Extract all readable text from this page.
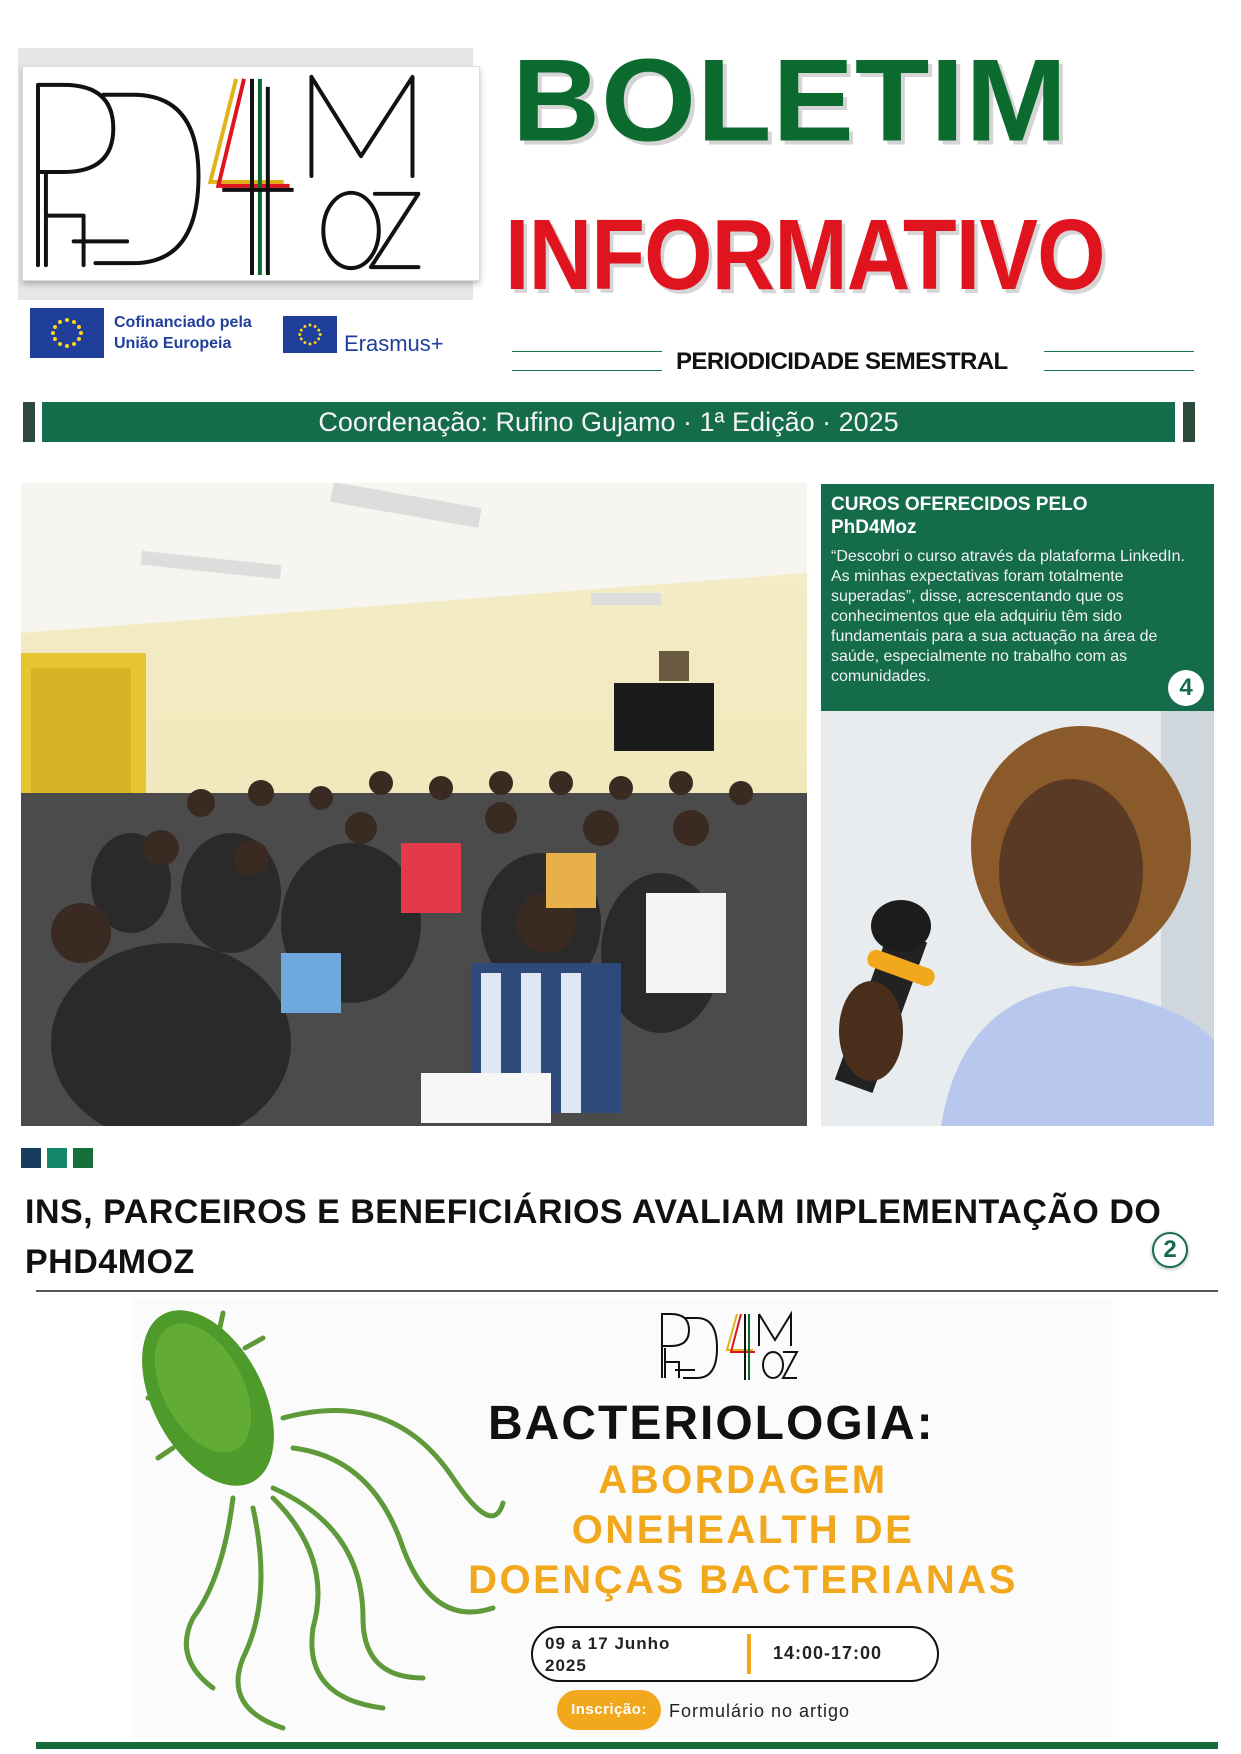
Cofinanciado pela
União Europeia	Erasmus+
BOLETIM
INFORMATIVO
PERIODICIDADE SEMESTRAL
Coordenação: Rufino Gujamo · 1ª Edição · 2025
CUROS OFERECIDOS PELO
PhD4Moz
“Descobri o curso através da plataforma LinkedIn. As minhas expectativas foram totalmente superadas”, disse, acrescentando que os conhecimentos que ela adquiriu têm sido fundamentais para a sua actuação na área de saúde, especialmente no trabalho com as comunidades.	4
INS, PARCEIROS E BENEFICIÁRIOS AVALIAM IMPLEMENTAÇÃO DO PHD4MOZ	2
BACTERIOLOGIA:
ABORDAGEM
ONEHEALTH DE
DOENÇAS BACTERIANAS
09 a 17 Junho
2025
14:00-17:00
Inscrição:	Formulário no artigo
